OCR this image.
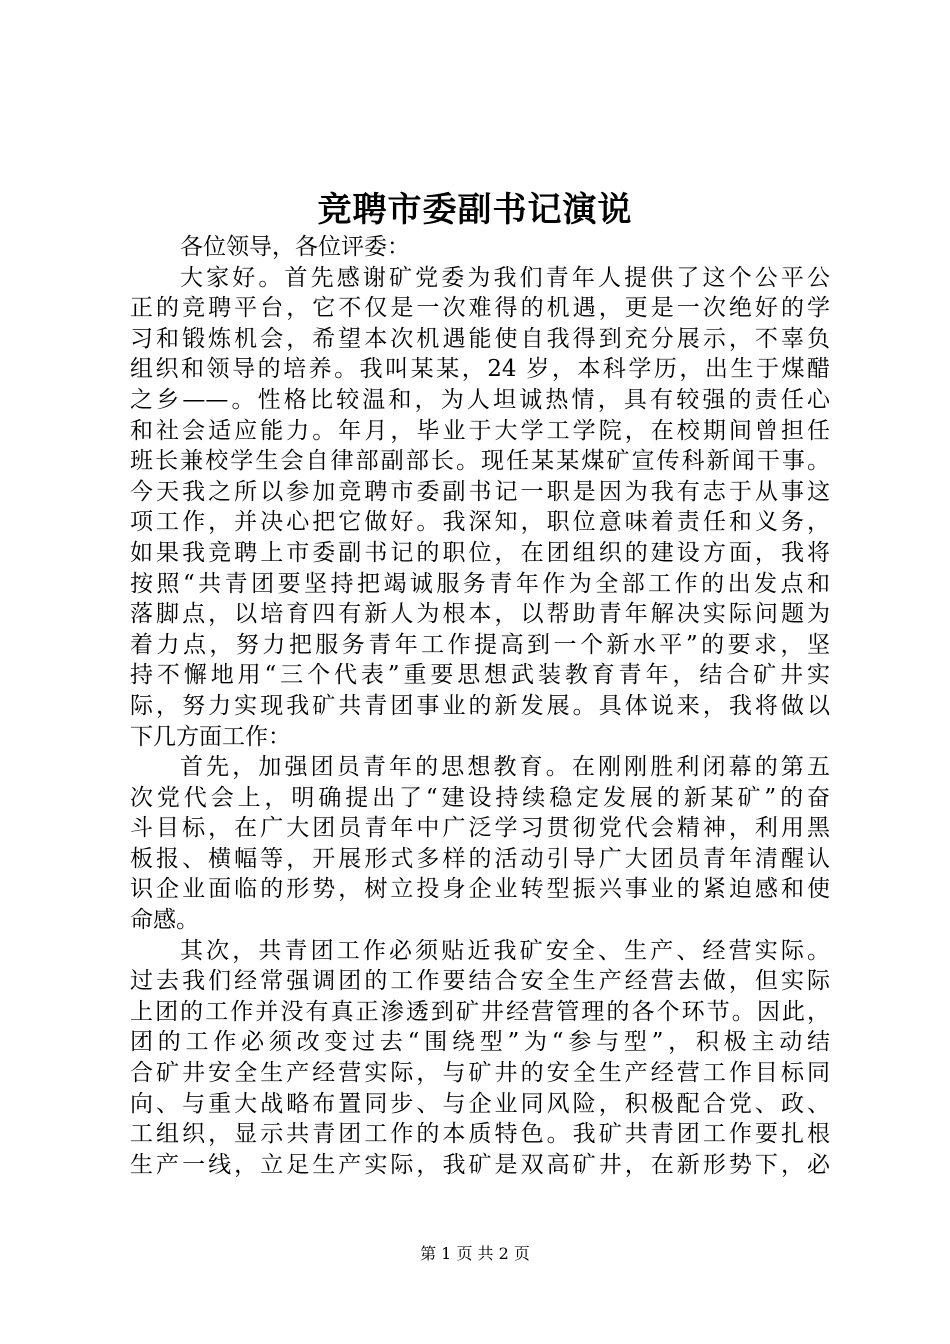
竞聘市委副书记演说
各位领导，各位评委：
大家好。首先感谢矿党委为我们青年人提供了这个公平公
正的竞聘平台，它不仅是一次难得的机遇，更是一次绝好的学
习和锻炼机会，希望本次机遇能使自我得到充分展示，不辜负
组织和领导的培养。我叫某某，24 岁，本科学历，出生于煤醋
之乡——。性格比较温和，为人坦诚热情，具有较强的责任心
和社会适应能力。年月，毕业于大学工学院，在校期间曾担任
班长兼校学生会自律部副部长。现任某某煤矿宣传科新闻干事。
今天我之所以参加竞聘市委副书记一职是因为我有志于从事这
项工作，并决心把它做好。我深知，职位意味着责任和义务，
如果我竞聘上市委副书记的职位，在团组织的建设方面，我将
按照“共青团要坚持把竭诚服务青年作为全部工作的出发点和
落脚点，以培育四有新人为根本，以帮助青年解决实际问题为
着力点，努力把服务青年工作提高到一个新水平”的要求，坚
持不懈地用“三个代表”重要思想武装教育青年，结合矿井实
际，努力实现我矿共青团事业的新发展。具体说来，我将做以
下几方面工作：
首先，加强团员青年的思想教育。在刚刚胜利闭幕的第五
次党代会上，明确提出了“建设持续稳定发展的新某矿”的奋
斗目标，在广大团员青年中广泛学习贯彻党代会精神，利用黑
板报、横幅等，开展形式多样的活动引导广大团员青年清醒认
识企业面临的形势，树立投身企业转型振兴事业的紧迫感和使
命感。
其次，共青团工作必须贴近我矿安全、生产、经营实际。
过去我们经常强调团的工作要结合安全生产经营去做，但实际
上团的工作并没有真正渗透到矿井经营管理的各个环节。因此，
团的工作必须改变过去“围绕型”为“参与型”，积极主动结
合矿井安全生产经营实际，与矿井的安全生产经营工作目标同
向、与重大战略布置同步、与企业同风险，积极配合党、政、
工组织，显示共青团工作的本质特色。我矿共青团工作要扎根
生产一线，立足生产实际，我矿是双高矿井，在新形势下，必
第 1 页 共 2 页
